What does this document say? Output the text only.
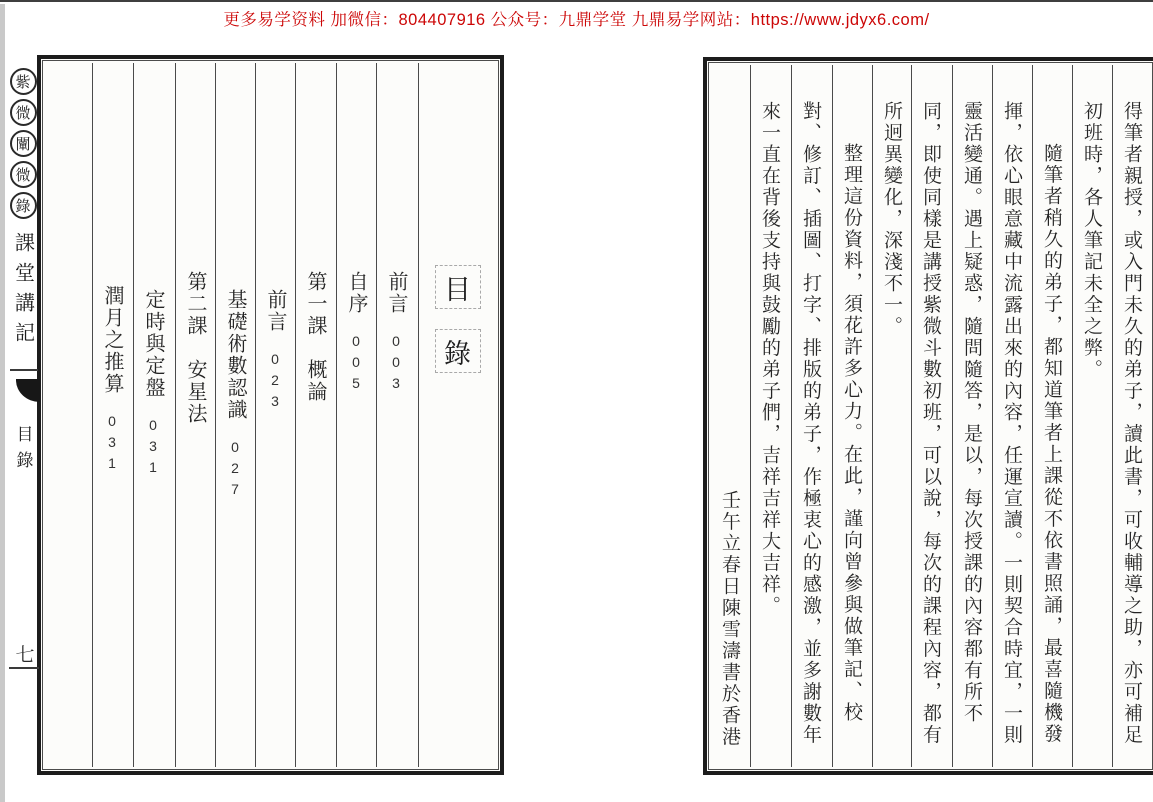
更多易学资料 加微信：804407916 公众号：九鼎学堂 九鼎易学网站：https://www.jdyx6.com/
目
錄
前言003
自序005
第一課　概論
前言023
基礎術數認識027
第二課　安星法
定時與定盤031
潤月之推算031
紫
微
闡
微
錄
課堂講記
目錄
七	得筆者親授，或入門未久的弟子，讀此書，可收輔導之助，亦可補足
初班時，各人筆記未全之弊。
隨筆者稍久的弟子，都知道筆者上課從不依書照誦，最喜隨機發
揮，依心眼意藏中流露出來的內容，任運宣讀。一則契合時宜，一則
靈活變通。遇上疑惑，隨問隨答，是以，每次授課的內容都有所不
同，即使同樣是講授紫微斗數初班，可以說，每次的課程內容，都有
所迥異變化，深淺不一。
整理這份資料，須花許多心力。在此，謹向曾參與做筆記、校
對、修訂、插圖、打字、排版的弟子，作極衷心的感激，並多謝數年
來一直在背後支持與鼓勵的弟子們，吉祥吉祥大吉祥。
壬午立春日陳雪濤書於香港
